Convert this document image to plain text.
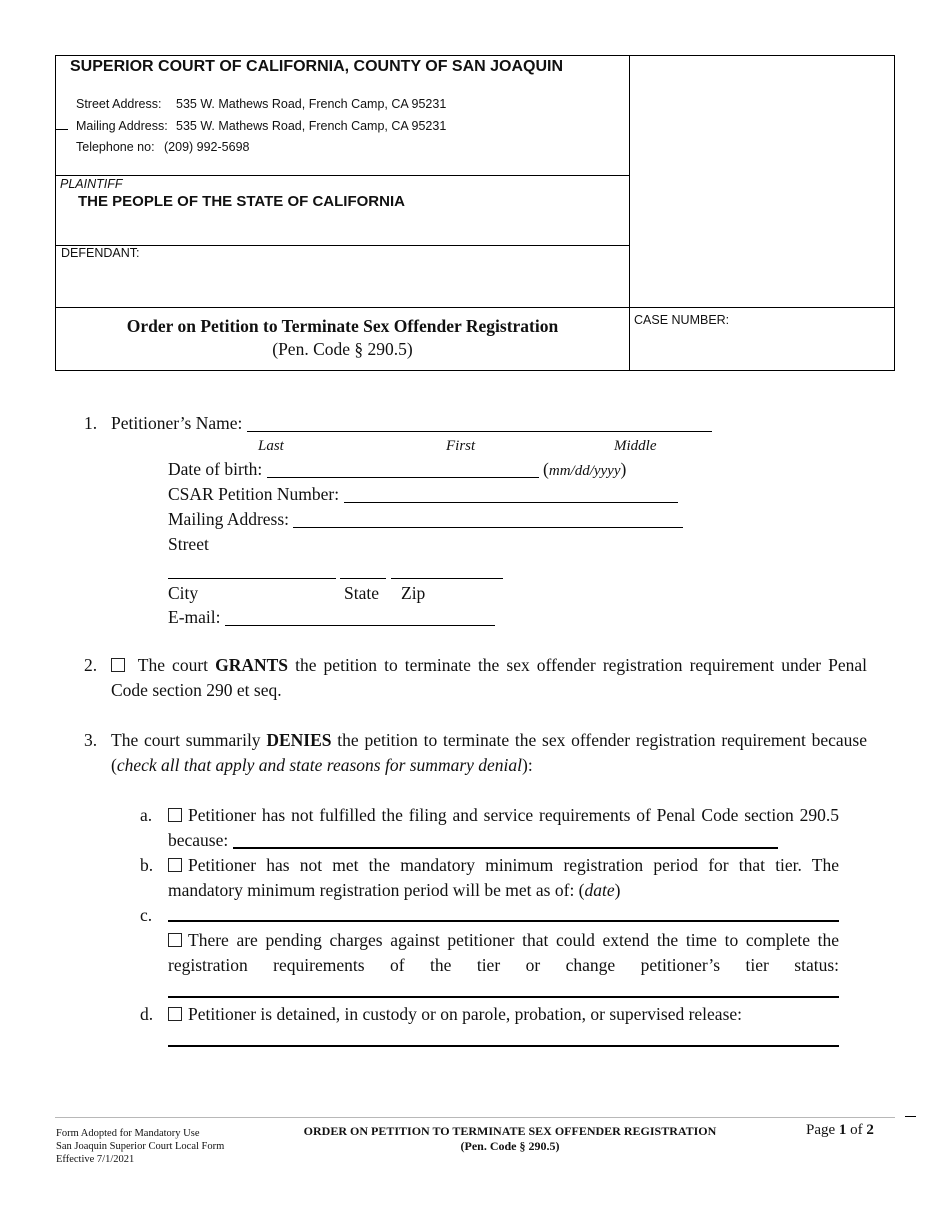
SUPERIOR COURT OF CALIFORNIA, COUNTY OF SAN JOAQUIN
Street Address: 535 W. Mathews Road, French Camp, CA 95231
Mailing Address: 535 W. Mathews Road, French Camp, CA 95231
Telephone no: (209) 992-5698
PLAINTIFF
THE PEOPLE OF THE STATE OF CALIFORNIA
DEFENDANT:
Order on Petition to Terminate Sex Offender Registration
(Pen. Code § 290.5)
CASE NUMBER:
1. Petitioner’s Name:
Last	First	Middle
Date of birth:	(mm/dd/yyyy)
CSAR Petition Number:
Mailing Address:
Street
City	State Zip
E-mail:
2.	The court GRANTS the petition to terminate the sex offender registration requirement under Penal Code section 290 et seq.
3. The court summarily DENIES the petition to terminate the sex offender registration requirement because (check all that apply and state reasons for summary denial):
a.	Petitioner has not fulfilled the filing and service requirements of Penal Code section 290.5 because:
b.	Petitioner has not met the mandatory minimum registration period for that tier. The mandatory minimum registration period will be met as of: (date)
c.
There are pending charges against petitioner that could extend the time to complete the registration requirements of the tier or change petitioner’s tier status:
d.	Petitioner is detained, in custody or on parole, probation, or supervised release:
Form Adopted for Mandatory Use
San Joaquin Superior Court Local Form
Effective 7/1/2021
ORDER ON PETITION TO TERMINATE SEX OFFENDER REGISTRATION
(Pen. Code § 290.5)
Page 1 of 2
